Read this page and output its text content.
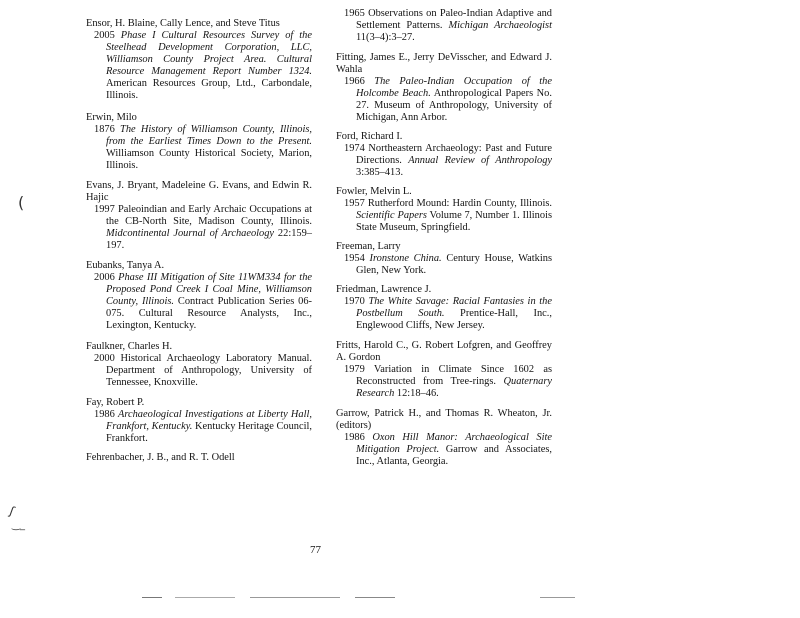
Ensor, H. Blaine, Cally Lence, and Steve Titus

2005 Phase I Cultural Resources Survey of the Steelhead Development Corporation, LLC, Williamson County Project Area. Cultural Resource Management Report Number 1324. American Resources Group, Ltd., Carbondale, Illinois.

Erwin, Milo

1876 The History of Williamson County, Illinois, from the Earliest Times Down to the Present. Williamson County Historical Society, Marion, Illinois.

Evans, J. Bryant, Madeleine G. Evans, and Edwin R. Hajic

1997 Paleoindian and Early Archaic Occupations at the CB-North Site, Madison County, Illinois. Midcontinental Journal of Archaeology 22:159–197.

Eubanks, Tanya A.

2006 Phase III Mitigation of Site 11WM334 for the Proposed Pond Creek I Coal Mine, Williamson County, Illinois. Contract Publication Series 06-075. Cultural Resource Analysts, Inc., Lexington, Kentucky.

Faulkner, Charles H.

2000 Historical Archaeology Laboratory Manual. Department of Anthropology, University of Tennessee, Knoxville.

Fay, Robert P.

1986 Archaeological Investigations at Liberty Hall, Frankfort, Kentucky. Kentucky Heritage Council, Frankfort.

Fehrenbacher, J. B., and R. T. Odell

1965 Observations on Paleo-Indian Adaptive and Settlement Patterns. Michigan Archaeologist 11(3–4):3–27.

Fitting, James E., Jerry DeVisscher, and Edward J. Wahla

1966 The Paleo-Indian Occupation of the Holcombe Beach. Anthropological Papers No. 27. Museum of Anthropology, University of Michigan, Ann Arbor.

Ford, Richard I.

1974 Northeastern Archaeology: Past and Future Directions. Annual Review of Anthropology 3:385–413.

Fowler, Melvin L.

1957 Rutherford Mound: Hardin County, Illinois. Scientific Papers Volume 7, Number 1. Illinois State Museum, Springfield.

Freeman, Larry

1954 Ironstone China. Century House, Watkins Glen, New York.

Friedman, Lawrence J.

1970 The White Savage: Racial Fantasies in the Postbellum South. Prentice-Hall, Inc., Englewood Cliffs, New Jersey.

Fritts, Harold C., G. Robert Lofgren, and Geoffrey A. Gordon

1979 Variation in Climate Since 1602 as Reconstructed from Tree-rings. Quaternary Research 12:18–46.

Garrow, Patrick H., and Thomas R. Wheaton, Jr. (editors)

1986 Oxon Hill Manor: Archaeological Site Mitigation Project. Garrow and Associates, Inc., Atlanta, Georgia.

77
(
ʃ
‿_
